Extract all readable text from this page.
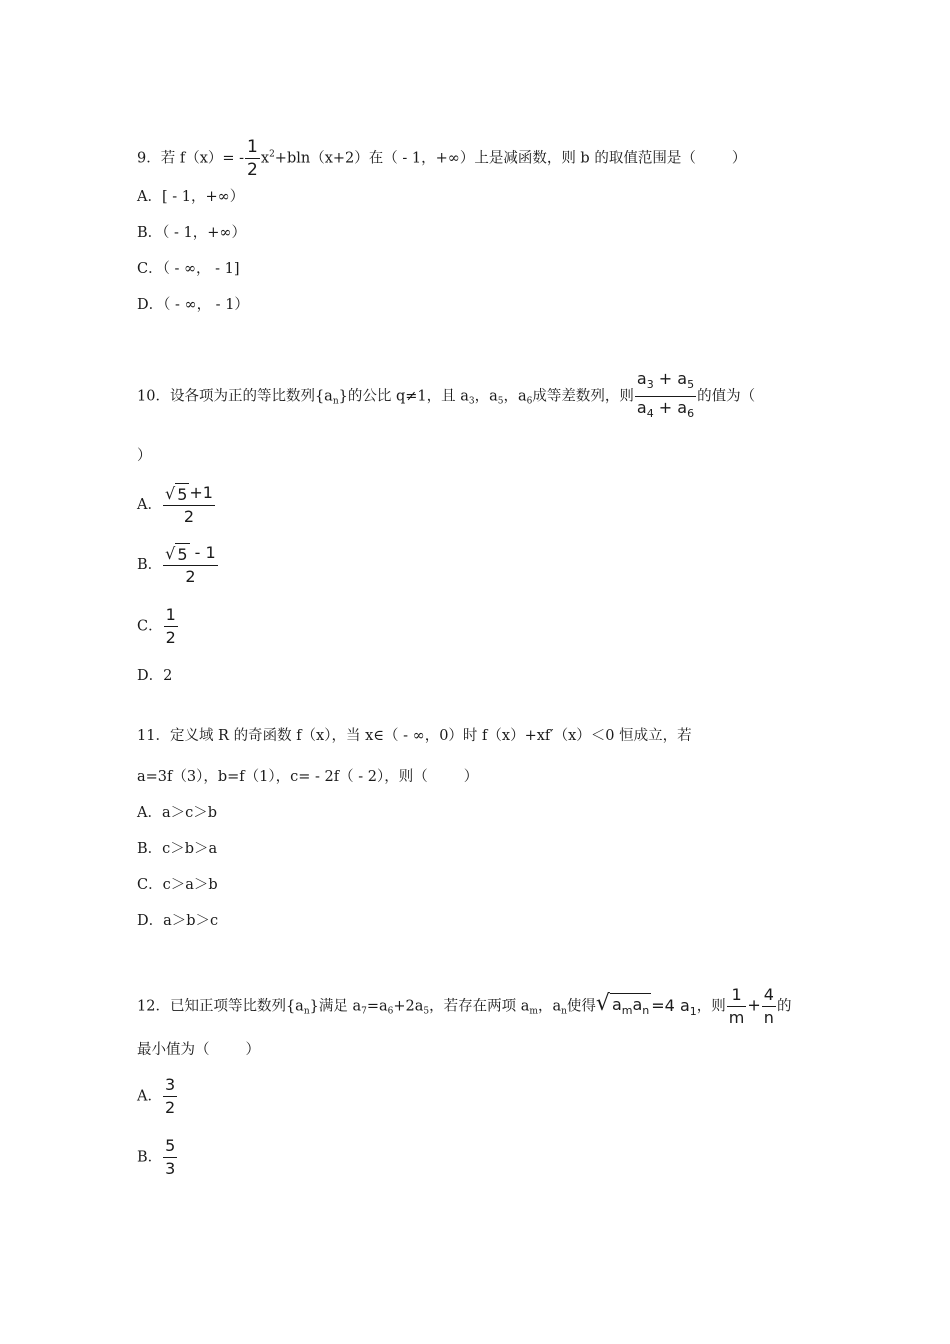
9．若 $f(x)= - \frac{1}{2} x^2+bln(x+2)$在（ - 1，+∞）上是减函数，则 b 的取值范围是（ ）
A．[ - 1，+∞）
B．（ - 1，+∞）
C．（ - ∞， - 1]
D．（ - ∞， - 1）
10．设各项为正的等比数列$\{a_n\}$的公比 q≠1，且 $a_3$，$a_5$，$a_6$成等差数列，则 $\frac{a_3 + a_5}{a_4 + a_6}$ 的值为（
）
A． $\frac{√ 5 +1}{2}$
B． $\frac{√ 5 - 1}{2}$
C． $\frac{1}{2}$
D．2
11．定义域 R 的奇函数 f（x），当 x∈（ - ∞，0）时 f（x）+xf′（x）＜0 恒成立，若
a=3f（3），b=f（1），c= - 2f（ - 2），则（ ）
A．a＞c＞b
B．c＞b＞a
C．c＞a＞b
D．a＞b＞c
12．已知正项等比数列$\{a_n\}$满足 $a_7=a_6+2a_5$，若存在两项 $a_m$，$a_n$使得 √ $a_ma_n =4$ $a_1$，则 $\frac{1}{m} + \frac{4}{n}$ 的
最小值为（ ）
A． $\frac{3}{2}$
B． $\frac{5}{3}$
